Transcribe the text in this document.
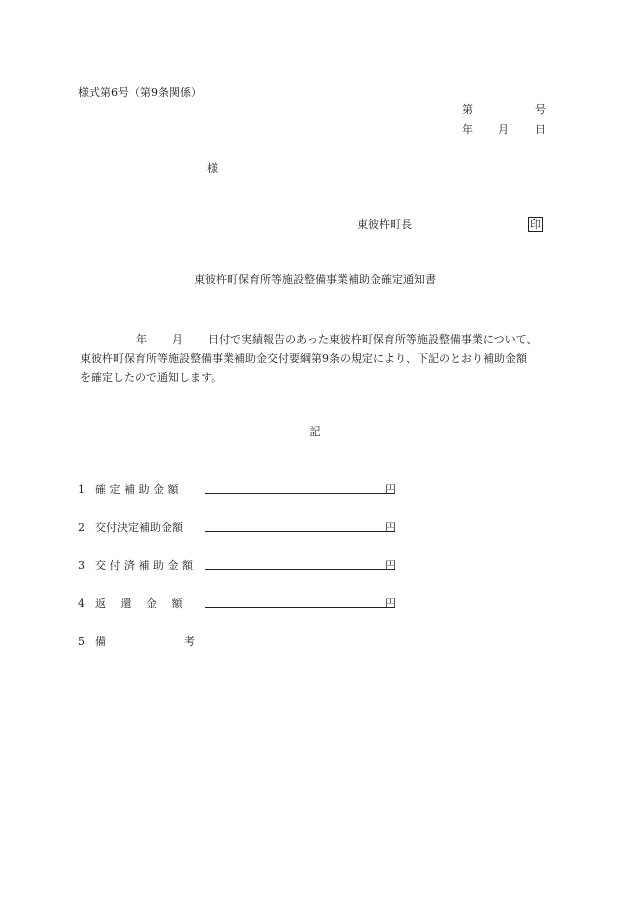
様式第6号（第9条関係）
第	号
年 月 日
様
東彼杵町長	印
東彼杵町保育所等施設整備事業補助金確定通知書
年 月 日付で実績報告のあった東彼杵町保育所等施設整備事業について、
東彼杵町保育所等施設整備事業補助金交付要綱第9条の規定により、下記のとおり補助金額
を確定したので通知します。
記
1 確 定 補 助 金 額	円
2 交付決定補助金額	円
3 交 付 済 補 助 金 額	円
4 返　 還　 金　 額	円
5 備	考
